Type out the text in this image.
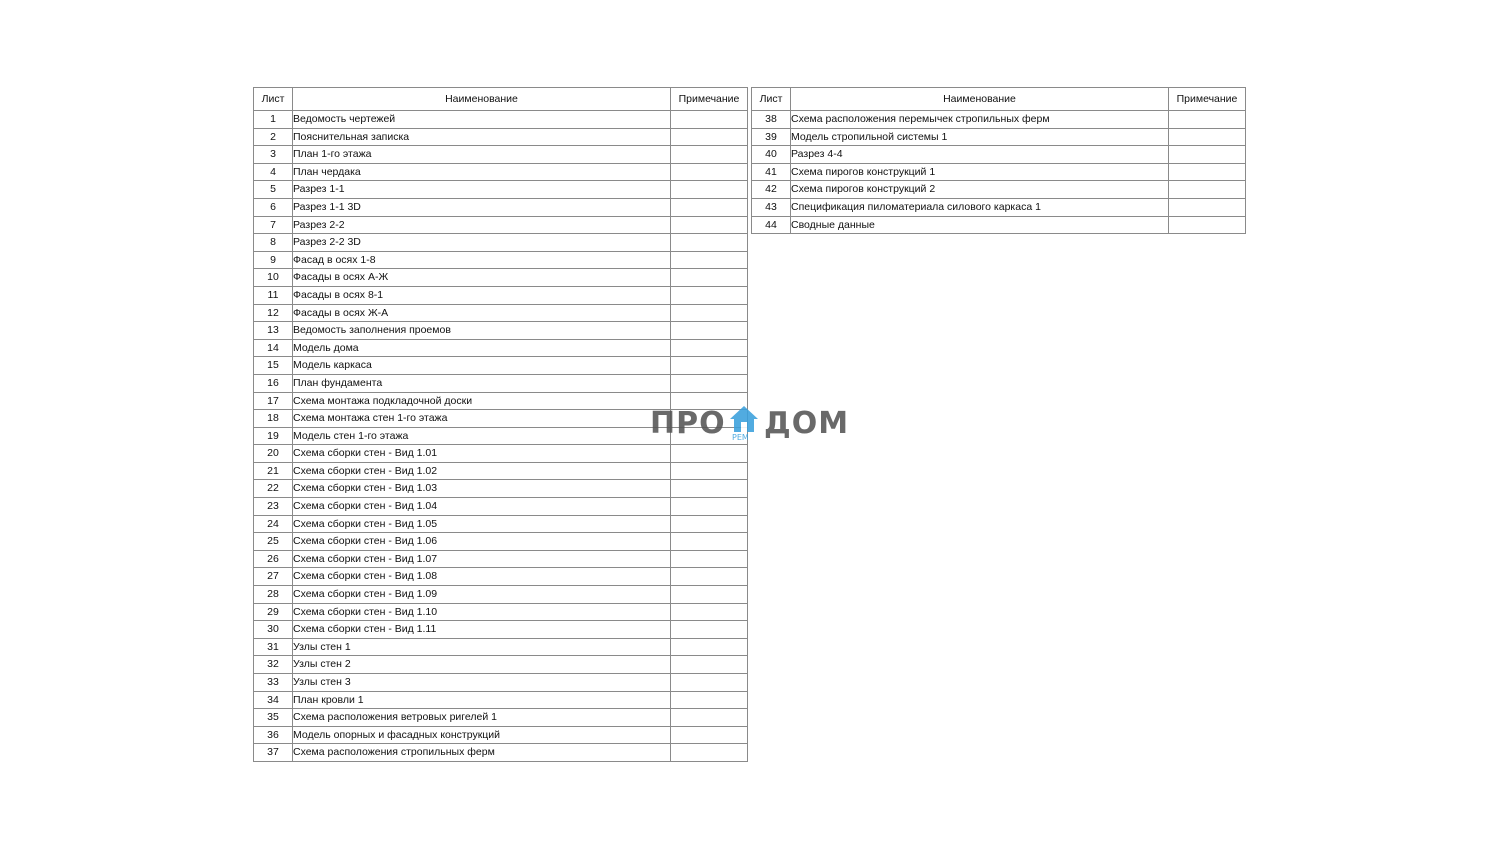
Лист	Наименование	Примечание
1	Ведомость чертежей	
2	Пояснительная записка	
3	План 1-го этажа	
4	План чердака	
5	Разрез 1-1	
6	Разрез 1-1 3D	
7	Разрез 2-2	
8	Разрез 2-2 3D	
9	Фасад в осях 1-8	
10	Фасады в осях А-Ж	
11	Фасады в осях 8-1	
12	Фасады в осях Ж-А	
13	Ведомость заполнения проемов	
14	Модель дома	
15	Модель каркаса	
16	План фундамента	
17	Схема монтажа подкладочной доски	
18	Схема монтажа стен 1-го этажа	
19	Модель стен 1-го этажа	
20	Схема сборки стен - Вид 1.01	
21	Схема сборки стен - Вид 1.02	
22	Схема сборки стен - Вид 1.03	
23	Схема сборки стен - Вид 1.04	
24	Схема сборки стен - Вид 1.05	
25	Схема сборки стен - Вид 1.06	
26	Схема сборки стен - Вид 1.07	
27	Схема сборки стен - Вид 1.08	
28	Схема сборки стен - Вид 1.09	
29	Схема сборки стен - Вид 1.10	
30	Схема сборки стен - Вид 1.11	
31	Узлы стен 1	
32	Узлы стен 2	
33	Узлы стен 3	
34	План кровли 1	
35	Схема расположения ветровых ригелей 1	
36	Модель опорных и фасадных конструкций	
37	Схема расположения стропильных ферм	
Лист	Наименование	Примечание
38	Схема расположения перемычек стропильных ферм	
39	Модель стропильной системы 1	
40	Разрез 4-4	
41	Схема пирогов конструкций 1	
42	Схема пирогов конструкций 2	
43	Спецификация пиломатериала силового каркаса 1	
44	Сводные данные	
ПРО РЕМ ДОМ
